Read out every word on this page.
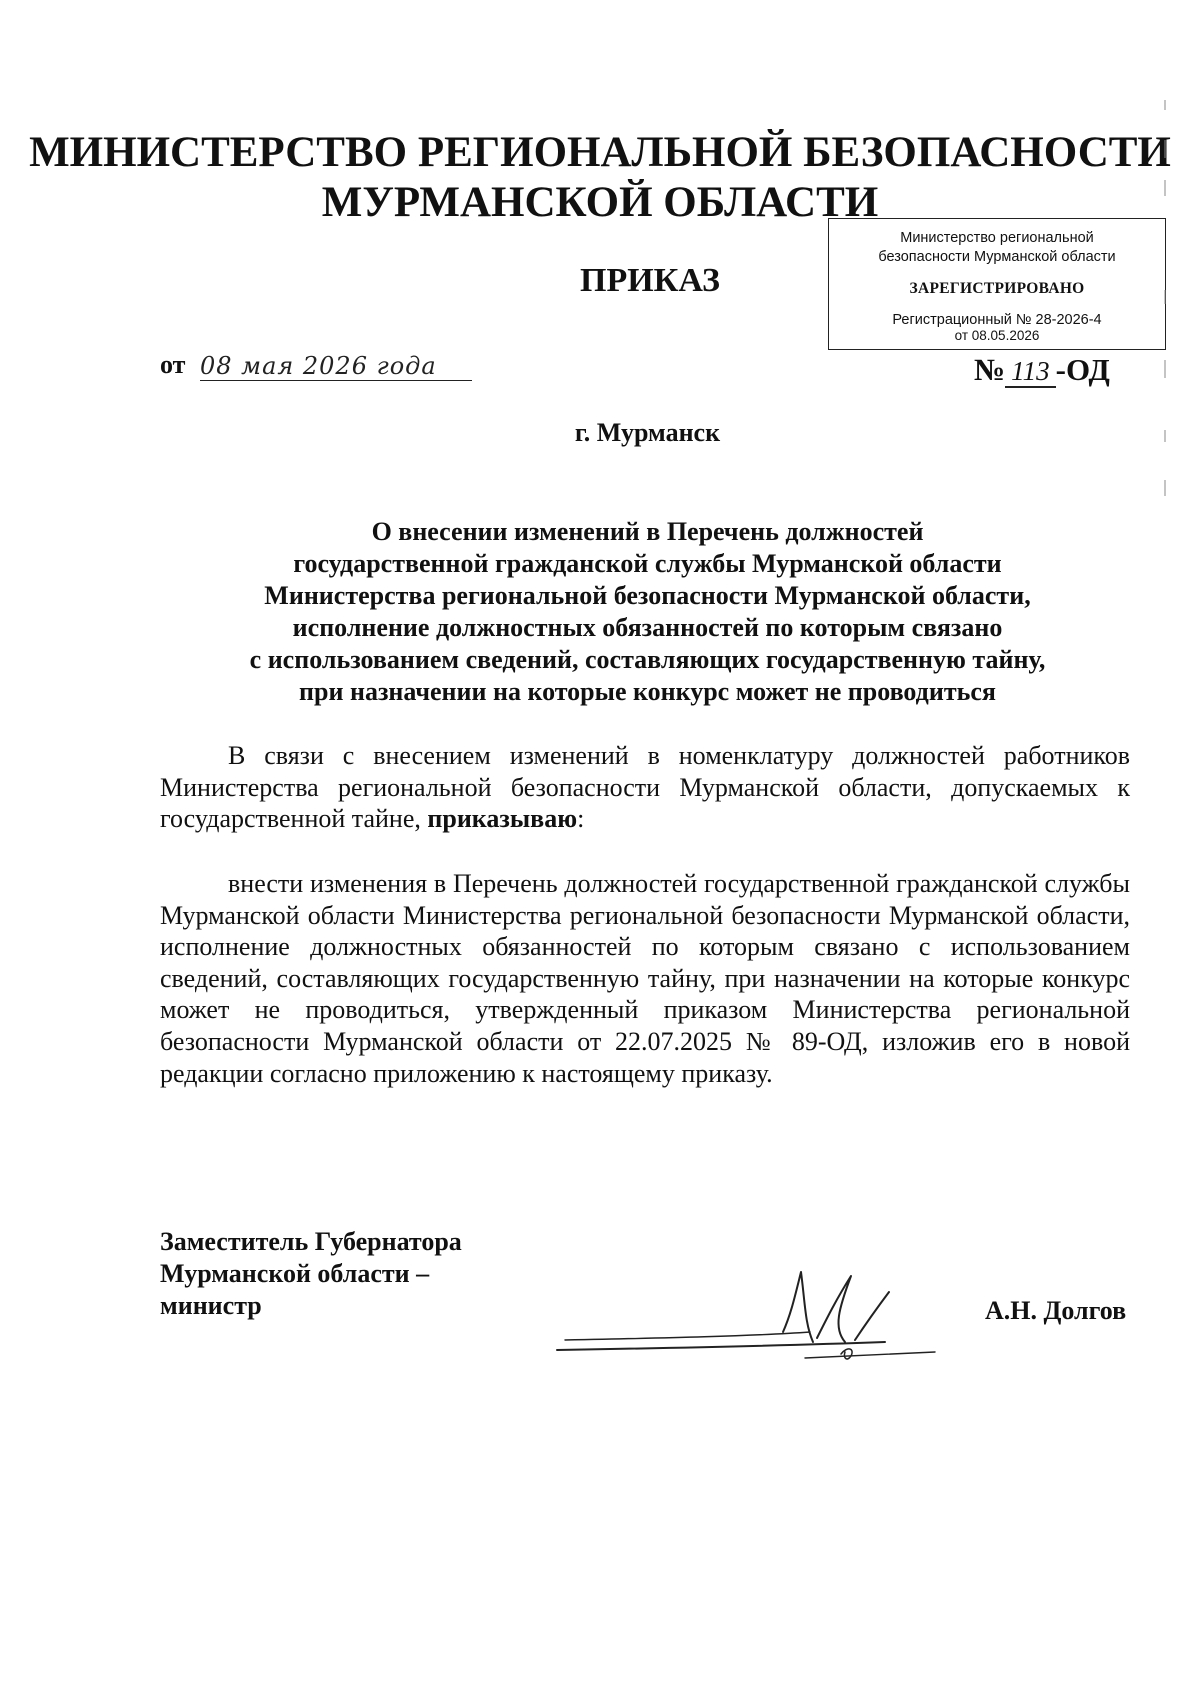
МИНИСТЕРСТВО РЕГИОНАЛЬНОЙ БЕЗОПАСНОСТИ
МУРМАНСКОЙ ОБЛАСТИ
Министерство региональной
безопасности Мурманской области
ЗАРЕГИСТРИРОВАНО
Регистрационный № 28-2026-4
от 08.05.2026
ПРИКАЗ
от 08 мая 2026 года	№ 113 -ОД
г. Мурманск
О внесении изменений в Перечень должностей
государственной гражданской службы Мурманской области
Министерства региональной безопасности Мурманской области,
исполнение должностных обязанностей по которым связано
с использованием сведений, составляющих государственную тайну,
при назначении на которые конкурс может не проводиться
В связи с внесением изменений в номенклатуру должностей работников Министерства региональной безопасности Мурманской области, допускаемых к государственной тайне, приказываю:
внести изменения в Перечень должностей государственной гражданской службы Мурманской области Министерства региональной безопасности Мурманской области, исполнение должностных обязанностей по которым связано с использованием сведений, составляющих государственную тайну, при назначении на которые конкурс может не проводиться, утвержденный приказом Министерства региональной безопасности Мурманской области от 22.07.2025 № 89-ОД, изложив его в новой редакции согласно приложению к настоящему приказу.
Заместитель Губернатора
Мурманской области –
министр	А.Н. Долгов
